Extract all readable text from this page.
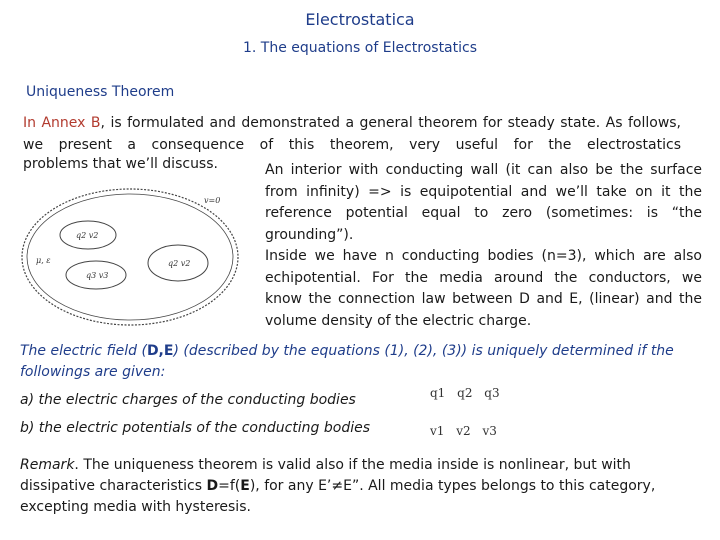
Electrostatica
1. The equations of Electrostatics
Uniqueness Theorem
In Annex B, is formulated and demonstrated a general theorem for steady state. As follows, we present a consequence of this theorem, very useful for the electrostatics
problems that we’ll discuss.
v=0
q2 v2
q3 v3
q2 v2
μ, ε
An interior with conducting wall (it can also be the surface
from infinity) => is equipotential and we’ll take on it the
reference potential equal to zero (sometimes: is “the
grounding”).
Inside we have n conducting bodies (n=3), which are also
echipotential. For the media around the conductors, we
know the connection law between D and E, (linear) and the
volume density of the electric charge.
The electric field (D,E) (described by the equations (1), (2), (3)) is uniquely determined if the followings are given:
a) the electric charges of the conducting bodies
b) the electric potentials of the conducting bodies
q1 q2 q3
v1 v2 v3
Remark. The uniqueness theorem is valid also if the media inside is nonlinear, but with dissipative characteristics D=f(E), for any E’≠E”. All media types belongs to this category, excepting media with hysteresis.
